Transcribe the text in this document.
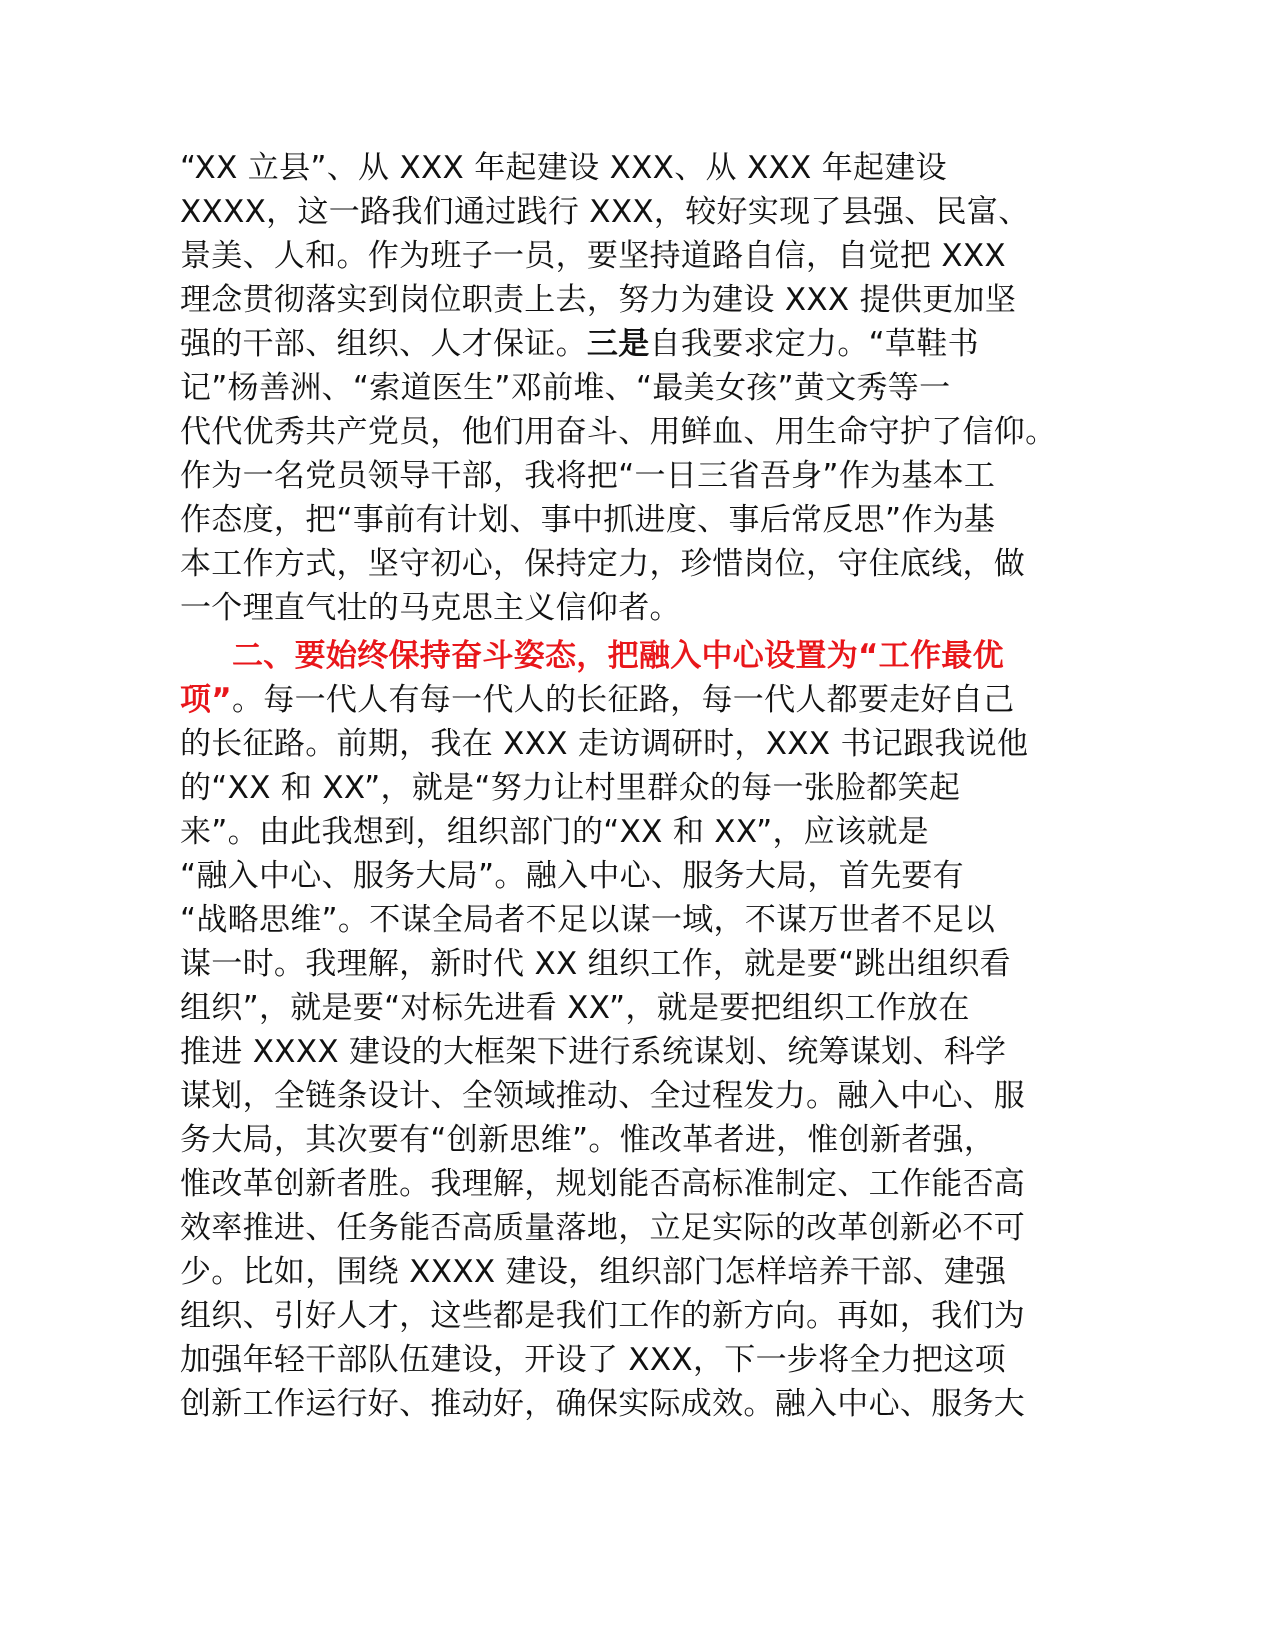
“XX 立县”、从 XXX 年起建设 XXX、从 XXX 年起建设
XXXX，这一路我们通过践行 XXX，较好实现了县强、民富、
景美、人和。作为班子一员，要坚持道路自信，自觉把 XXX
理念贯彻落实到岗位职责上去，努力为建设 XXX 提供更加坚
强的干部、组织、人才保证。三是自我要求定力。“草鞋书
记”杨善洲、“索道医生”邓前堆、“最美女孩”黄文秀等一
代代优秀共产党员，他们用奋斗、用鲜血、用生命守护了信仰。
作为一名党员领导干部，我将把“一日三省吾身”作为基本工
作态度，把“事前有计划、事中抓进度、事后常反思”作为基
本工作方式，坚守初心，保持定力，珍惜岗位，守住底线，做
一个理直气壮的马克思主义信仰者。
二、要始终保持奋斗姿态，把融入中心设置为“工作最优
项”。每一代人有每一代人的长征路，每一代人都要走好自己
的长征路。前期，我在 XXX 走访调研时，XXX 书记跟我说他
的“XX 和 XX”，就是“努力让村里群众的每一张脸都笑起
来”。由此我想到，组织部门的“XX 和 XX”，应该就是
“融入中心、服务大局”。融入中心、服务大局，首先要有
“战略思维”。不谋全局者不足以谋一域，不谋万世者不足以
谋一时。我理解，新时代 XX 组织工作，就是要“跳出组织看
组织”，就是要“对标先进看 XX”，就是要把组织工作放在
推进 XXXX 建设的大框架下进行系统谋划、统筹谋划、科学
谋划，全链条设计、全领域推动、全过程发力。融入中心、服
务大局，其次要有“创新思维”。惟改革者进，惟创新者强，
惟改革创新者胜。我理解，规划能否高标准制定、工作能否高
效率推进、任务能否高质量落地，立足实际的改革创新必不可
少。比如，围绕 XXXX 建设，组织部门怎样培养干部、建强
组织、引好人才，这些都是我们工作的新方向。再如，我们为
加强年轻干部队伍建设，开设了 XXX，下一步将全力把这项
创新工作运行好、推动好，确保实际成效。融入中心、服务大
